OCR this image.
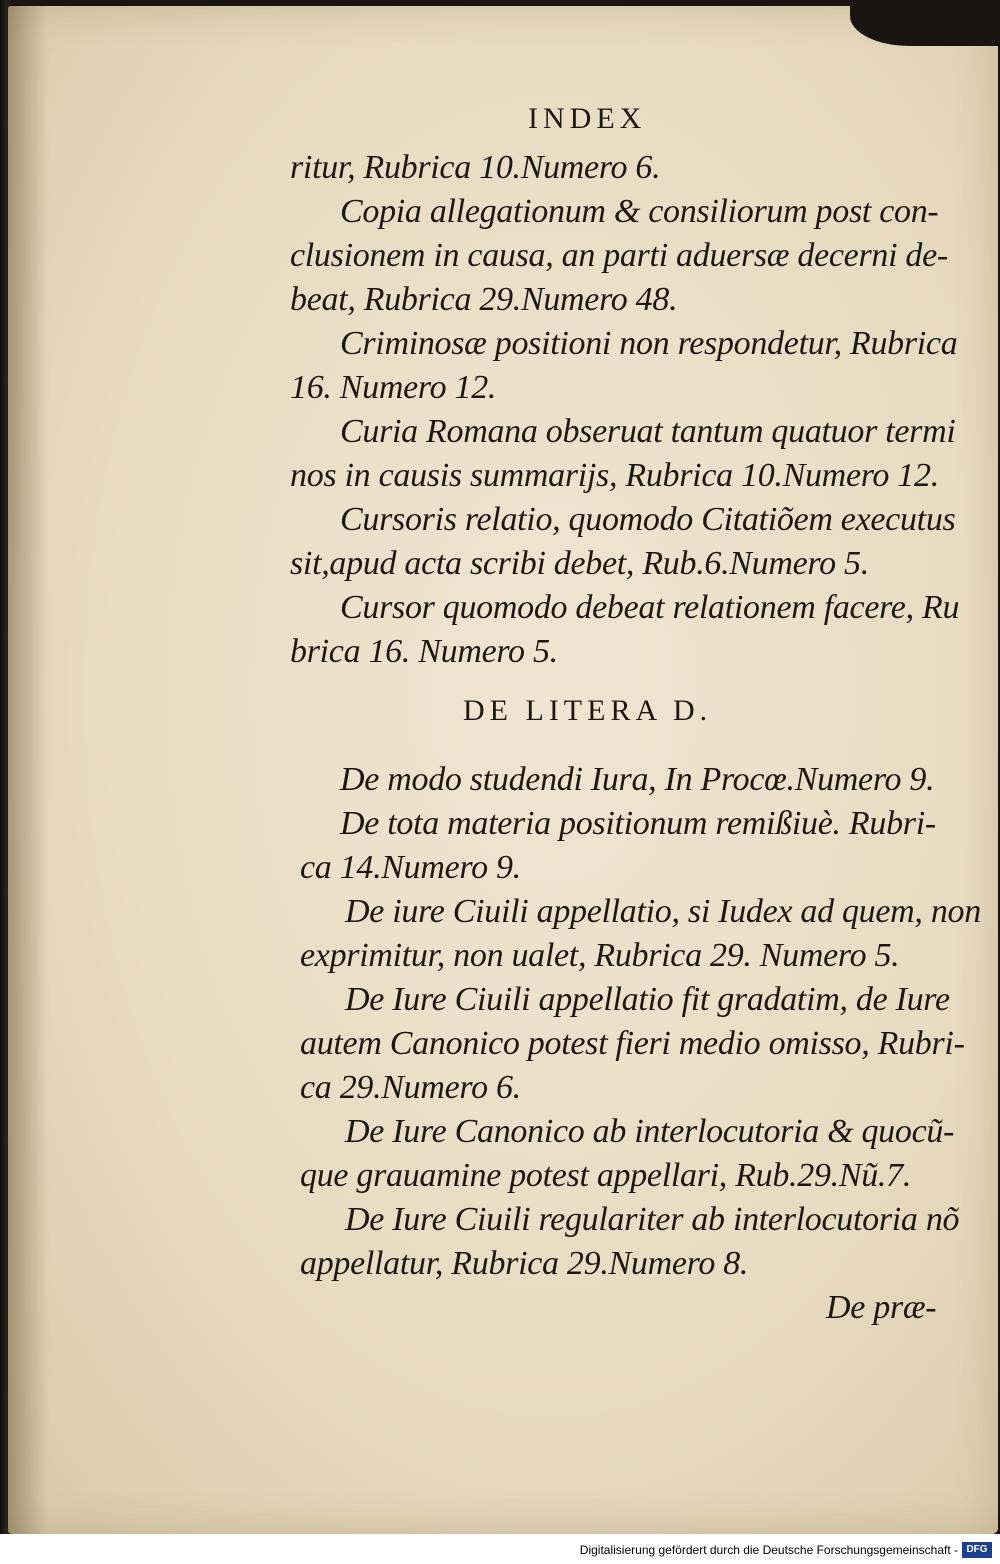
INDEX
ritur, Rubrica 10.Numero 6.
Copia allegationum & consiliorum post con-
clusionem in causa, an parti aduersæ decerni de-
beat, Rubrica 29.Numero 48.
Criminosæ positioni non respondetur, Rubrica
16. Numero 12.
Curia Romana obseruat tantum quatuor termi
nos in causis summarijs, Rubrica 10.Numero 12.
Cursoris relatio, quomodo Citatiõem executus
sit,apud acta scribi debet, Rub.6.Numero 5.
Cursor quomodo debeat relationem facere, Ru
brica 16. Numero 5.
DE LITERA D.
De modo studendi Iura, In Procœ.Numero 9.
De tota materia positionum remißiuè. Rubri-
ca 14.Numero 9.
De iure Ciuili appellatio, si Iudex ad quem, non
exprimitur, non ualet, Rubrica 29. Numero 5.
De Iure Ciuili appellatio fit gradatim, de Iure
autem Canonico potest fieri medio omisso, Rubri-
ca 29.Numero 6.
De Iure Canonico ab interlocutoria & quocũ-
que grauamine potest appellari, Rub.29.Nũ.7.
De Iure Ciuili regulariter ab interlocutoria nõ
appellatur, Rubrica 29.Numero 8.
De præ-
Digitalisierung gefördert durch die Deutsche Forschungsgemeinschaft - DFG
